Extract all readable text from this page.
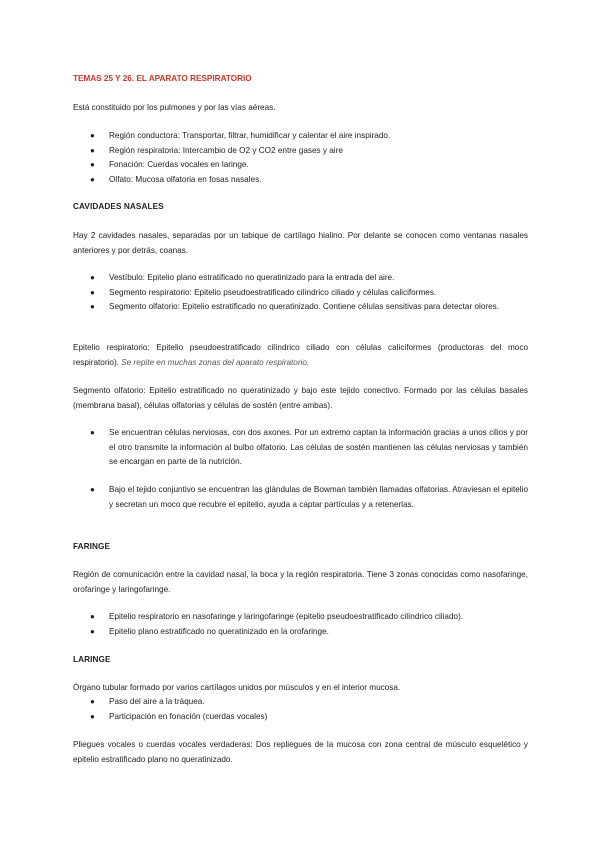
TEMAS 25 Y 26. EL APARATO RESPIRATORIO

Está constituido por los pulmones y por las vías aéreas.

● Región conductora: Transportar, filtrar, humidificar y calentar el aire inspirado.
● Región respiratoria: Intercambio de O2 y CO2 entre gases y aire
● Fonación: Cuerdas vocales en laringe.
● Olfato: Mucosa olfatoria en fosas nasales.

CAVIDADES NASALES

Hay 2 cavidades nasales, separadas por un tabique de cartílago hialino. Por delante se conocen como ventanas nasales anteriores y por detrás, coanas.

● Vestíbulo: Epitelio plano estratificado no queratinizado para la entrada del aire.
● Segmento respiratorio: Epitelio pseudoestratificado cilíndrico ciliado y células caliciformes.
● Segmento olfatorio: Epitelio estratificado no queratinizado. Contiene células sensitivas para detectar olores.

Epitelio respiratorio: Epitelio pseudoestratificado cilíndrico ciliado con células caliciformes (productoras del moco respiratorio). Se repite en muchas zonas del aparato respiratorio.

Segmento olfatorio: Epitelio estratificado no queratinizado y bajo este tejido conectivo. Formado por las células basales (membrana basal), células olfatorias y células de sostén (entre ambas).

● Se encuentran células nerviosas, con dos axones. Por un extremo captan la información gracias a unos cilios y por el otro transmite la información al bulbo olfatorio. Las células de sostén mantienen las células nerviosas y también se encargan en parte de la nutrición.
● Bajo el tejido conjuntivo se encuentran las glándulas de Bowman también llamadas olfatorias. Atraviesan el epitelio y secretan un moco que recubre el epitelio, ayuda a captar partículas y a retenerlas.

FARINGE

Región de comunicación entre la cavidad nasal, la boca y la región respiratoria. Tiene 3 zonas conocidas como nasofaringe, orofaringe y laringofaringe.

● Epitelio respiratorio en nasofaringe y laringofaringe (epitelio pseudoestratificado cilíndrico ciliado).
● Epitelio plano estratificado no queratinizado en la orofaringe.

LARINGE

Órgano tubular formado por varios cartílagos unidos por músculos y en el interior mucosa.

● Paso del aire a la tráquea.
● Participación en fonación (cuerdas vocales)

Pliegues vocales o cuerdas vocales verdaderas: Dos repliegues de la mucosa con zona central de músculo esquelético y epitelio estratificado plano no queratinizado.
